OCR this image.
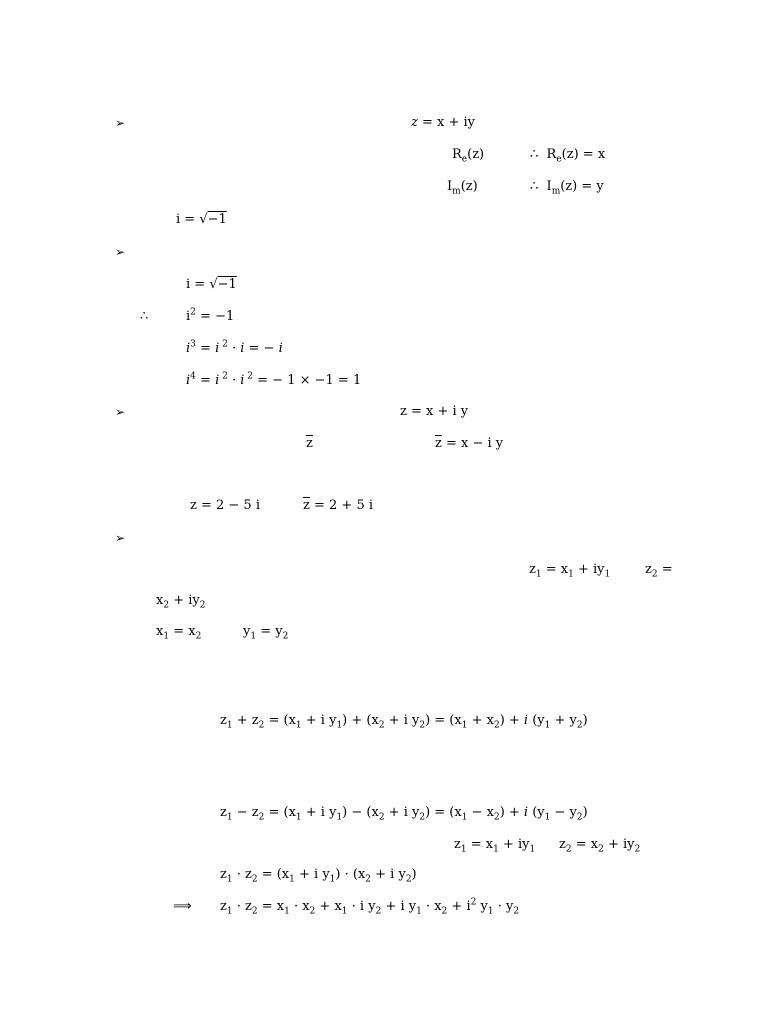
➢	z = x + iy
$R_e(z)$	∴  $R_e(z) = x$
$I_m(z)$	∴  $I_m(z) = y$
i = √−1
➢
i = √−1
∴	$i^2 = -1$
$i^3 = i$ $^2$ · i = − i
$i^4 = i$ $^2$ · i $^2$ = − 1 × −1 = 1
➢	z = x + i y
$\overline{z}$	$\overline{z} = x - i$ y
z = 2 − 5 i	$\overline{z} = 2 + 5$ i
➢
$z_1 = x_1 + iy_1$	$z_2$ =
$x_2 + iy_2$
$x_1 = x_2$	$y_1 = y_2$
$z_1 + z_2 = (x_1 + i$ $y_1) + (x_2 + i$ $y_2) = (x_1 + x_2) + i$ $(y_1 + y_2)$
$z_1 - z_2 = (x_1 + i$ $y_1) - (x_2 + i$ $y_2) = (x_1 - x_2) + i$ $(y_1 - y_2)$
$z_1 = x_1 + iy_1$ $z_2 = x_2 + iy_2$
$z_1 \cdot z_2 = (x_1 + i$ $y_1) \cdot (x_2 + i$ $y_2$)
⟹ $z_1 \cdot z_2 = x_1 \cdot x_2 + x_1 \cdot i$ $y_2 + i$ $y_1 \cdot x_2 + i^2$ $y_1 \cdot y_2$
